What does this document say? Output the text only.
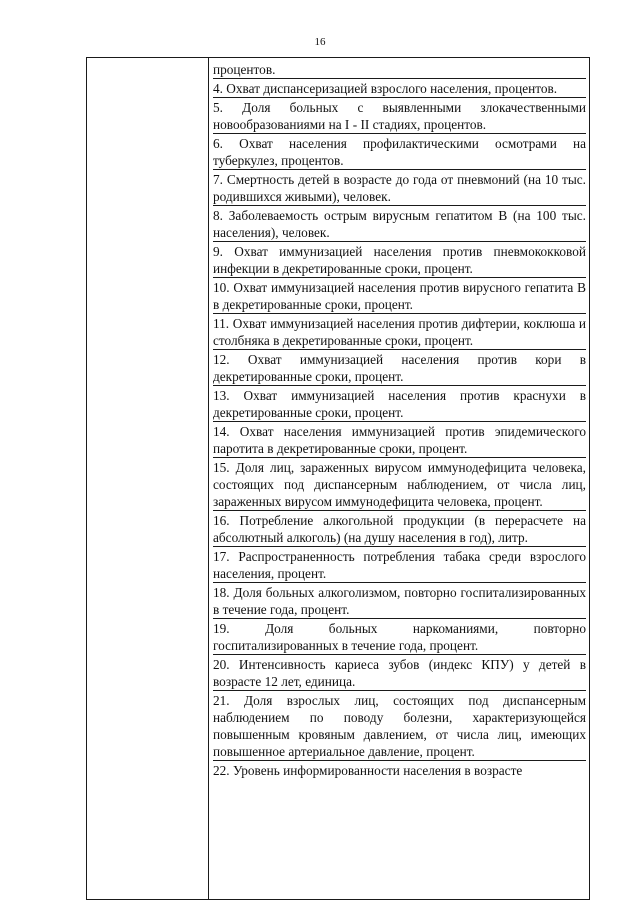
16
процентов.
4. Охват диспансеризацией взрослого населения, процентов.
5. Доля больных с выявленными злокачественными новообразованиями на I - II стадиях, процентов.
6. Охват населения профилактическими осмотрами на туберкулез, процентов.
7. Смертность детей в возрасте до года от пневмоний (на 10 тыс. родившихся живыми), человек.
8. Заболеваемость острым вирусным гепатитом В (на 100 тыс. населения), человек.
9. Охват иммунизацией населения против пневмококковой инфекции в декретированные сроки, процент.
10. Охват иммунизацией населения против вирусного гепатита В в декретированные сроки, процент.
11. Охват иммунизацией населения против дифтерии, коклюша и столбняка в декретированные сроки, процент.
12. Охват иммунизацией населения против кори в декретированные сроки, процент.
13. Охват иммунизацией населения против краснухи в декретированные сроки, процент.
14. Охват населения иммунизацией против эпидемического паротита в декретированные сроки, процент.
15. Доля лиц, зараженных вирусом иммунодефицита человека, состоящих под диспансерным наблюдением, от числа лиц, зараженных вирусом иммунодефицита человека, процент.
16. Потребление алкогольной продукции (в перерасчете на абсолютный алкоголь) (на душу населения в год), литр.
17. Распространенность потребления табака среди взрослого населения, процент.
18. Доля больных алкоголизмом, повторно госпитализированных в течение года, процент.
19. Доля больных наркоманиями, повторно госпитализированных в течение года, процент.
20. Интенсивность кариеса зубов (индекс КПУ) у детей в возрасте 12 лет, единица.
21. Доля взрослых лиц, состоящих под диспансерным наблюдением по поводу болезни, характеризующейся повышенным кровяным давлением, от числа лиц, имеющих повышенное артериальное давление, процент.
22. Уровень информированности населения в возрасте
